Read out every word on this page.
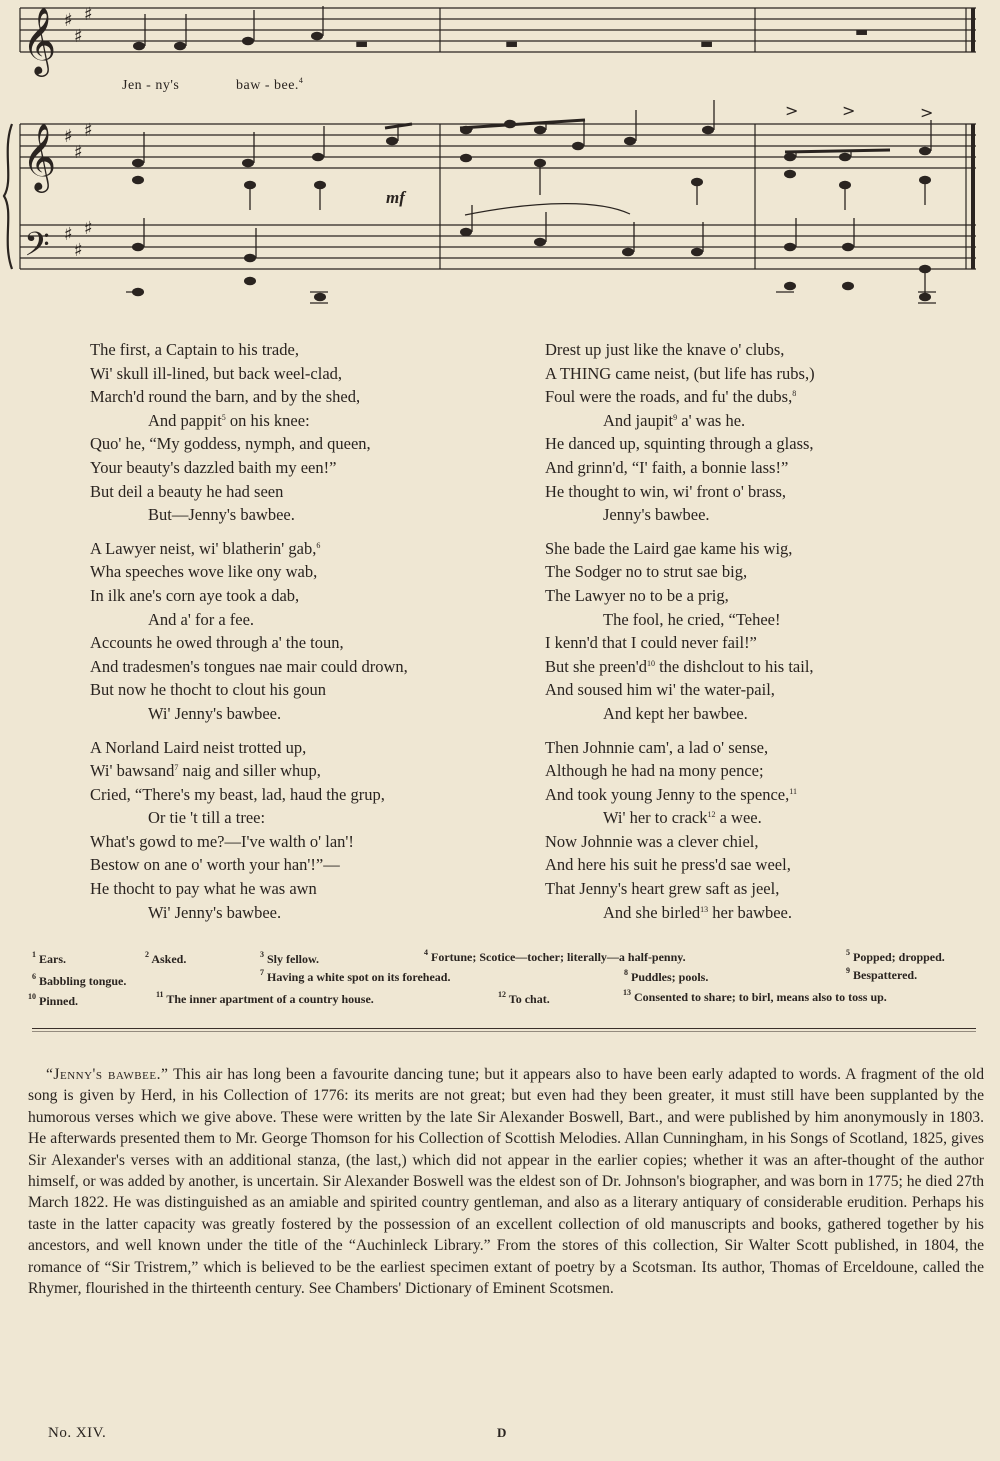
𝄞
𝄞
𝄢
♯
♯
♯
♯
♯
♯
♯
♯
♯
▬
▬	▬	▬
>	>	>
Jen - ny's	baw - bee.$^4$
mf
The first, a Captain to his trade,
Wi' skull ill-lined, but back weel-clad,
March'd round the barn, and by the shed,
And pappit$^5$ on his knee:
Quo' he, “My goddess, nymph, and queen,
Your beauty's dazzled baith my een!”
But deil a beauty he had seen
But—Jenny's bawbee.
A Lawyer neist, wi' blatherin' gab,$^6$
Wha speeches wove like ony wab,
In ilk ane's corn aye took a dab,
And a' for a fee.
Accounts he owed through a' the toun,
And tradesmen's tongues nae mair could drown,
But now he thocht to clout his goun
Wi' Jenny's bawbee.
A Norland Laird neist trotted up,
Wi' bawsand$^7$ naig and siller whup,
Cried, “There's my beast, lad, haud the grup,
Or tie 't till a tree:
What's gowd to me?—I've walth o' lan'!
Bestow on ane o' worth your han'!”—
He thocht to pay what he was awn
Wi' Jenny's bawbee.
Drest up just like the knave o' clubs,
A THING came neist, (but life has rubs,)
Foul were the roads, and fu' the dubs,$^8$
And jaupit$^9$ a' was he.
He danced up, squinting through a glass,
And grinn'd, “I' faith, a bonnie lass!”
He thought to win, wi' front o' brass,
Jenny's bawbee.
She bade the Laird gae kame his wig,
The Sodger no to strut sae big,
The Lawyer no to be a prig,
The fool, he cried, “Tehee!
I kenn'd that I could never fail!”
But she $preen'd^{10}$ the dishclout to his tail,
And soused him wi' the water-pail,
And kept her bawbee.
Then Johnnie cam', a lad o' sense,
Although he had na mony pence;
And took young Jenny to the spence,$^{11}$
Wi' her to crack$^{12}$ a wee.
Now Johnnie was a clever chiel,
And here his suit he press'd sae weel,
That Jenny's heart grew saft as jeel,
And she birled$^{13}$ her bawbee.
$^1$ Ears.	$^2$ Asked.	$^3$ Sly fellow.	$^4$ Fortune; Scotice—tocher; literally—a half-penny.	$^5$ Popped; dropped.
$^6$ Babbling tongue.
$^7$ Having a white spot on its forehead.	$^8$ Puddles; pools.	$^9$ Bespattered.
$^{10}$ Pinned.	$^{11}$ The inner apartment of a country house.	$^{12}$ To chat.	$^{13}$ Consented to share; to birl, means also to toss up.

“Jenny's bawbee.” This air has long been a favourite dancing tune; but it appears also to have been early adapted to words. A fragment of the old song is given by Herd, in his Collection of 1776: its merits are not great; but even had they been greater, it must still have been supplanted by the humorous verses which we give above. These were written by the late Sir Alexander Boswell, Bart., and were published by him anonymously in 1803. He afterwards presented them to Mr. George Thomson for his Collection of Scottish Melodies. Allan Cunningham, in his Songs of Scotland, 1825, gives Sir Alexander's verses with an additional stanza, (the last,) which did not appear in the earlier copies; whether it was an after-thought of the author himself, or was added by another, is uncertain. Sir Alexander Boswell was the eldest son of Dr. Johnson's biographer, and was born in 1775; he died 27th March 1822. He was distinguished as an amiable and spirited country gentleman, and also as a literary antiquary of considerable erudition. Perhaps his taste in the latter capacity was greatly fostered by the possession of an excellent collection of old manuscripts and books, gathered together by his ancestors, and well known under the title of the “Auchinleck Library.” From the stores of this collection, Sir Walter Scott published, in 1804, the romance of “Sir Tristrem,” which is believed to be the earliest specimen extant of poetry by a Scotsman. Its author, Thomas of Erceldoune, called the Rhymer, flourished in the thirteenth century. See Chambers' Dictionary of Eminent Scotsmen.

No. XIV.	D
